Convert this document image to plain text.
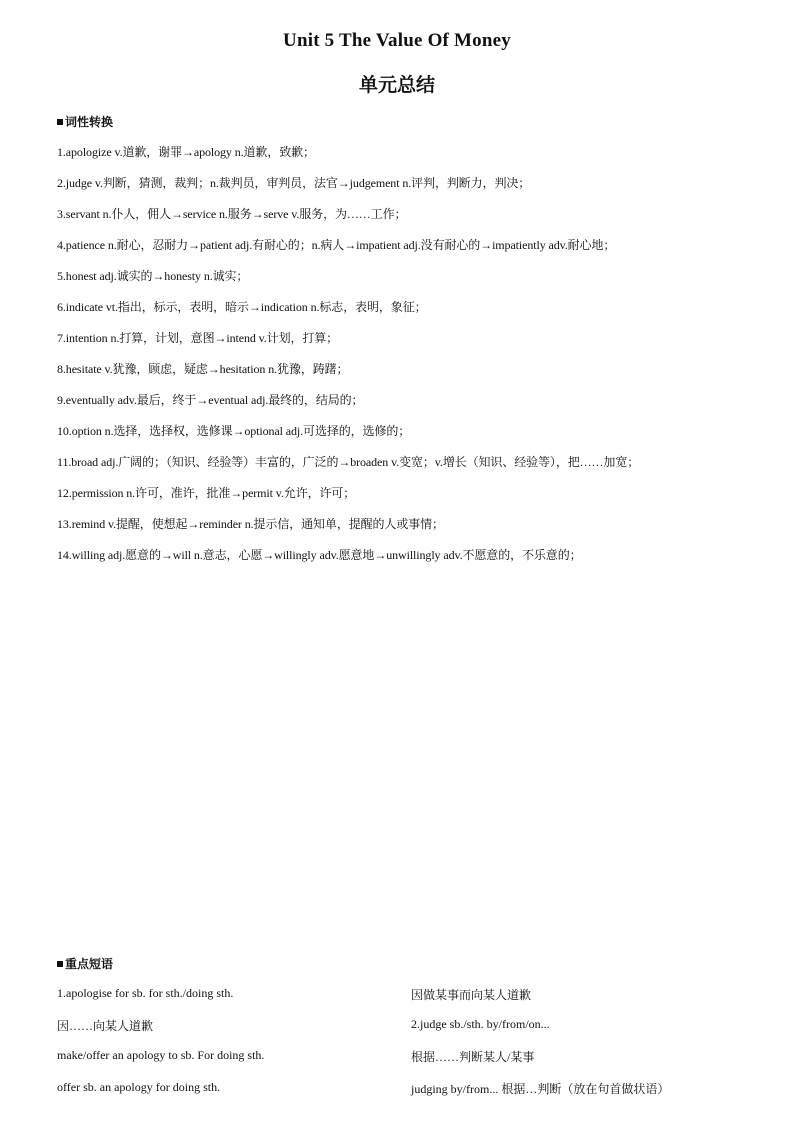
Unit 5 The Value Of Money
单元总结
词性转换
1.apologize v.道歉，谢罪→apology n.道歉，致歉；
2.judge v.判断，猜测，裁判；n.裁判员，审判员，法官→judgement n.评判，判断力，判决；
3.servant n.仆人，佣人→service n.服务→serve v.服务，为……工作；
4.patience n.耐心，忍耐力→patient adj.有耐心的；n.病人→impatient adj.没有耐心的→impatiently adv.耐心地；
5.honest adj.诚实的→honesty n.诚实；
6.indicate vt.指出，标示，表明，暗示→indication n.标志，表明，象征；
7.intention n.打算，计划，意图→intend v.计划，打算；
8.hesitate v.犹豫，顾虑，疑虑→hesitation n.犹豫，踌躇；
9.eventually adv.最后，终于→eventual adj.最终的，结局的；
10.option n.选择，选择权，选修课→optional adj.可选择的，选修的；
11.broad adj.广阔的；（知识、经验等）丰富的，广泛的→broaden v.变宽；v.增长（知识、经验等），把……加宽；
12.permission n.许可，准许，批准→permit v.允许，许可；
13.remind v.提醒，使想起→reminder n.提示信，通知单，提醒的人或事情；
14.willing adj.愿意的→will n.意志，心愿→willingly adv.愿意地→unwillingly adv.不愿意的，不乐意的；
重点短语
1.apologise for sb. for sth./doing sth.	因做某事而向某人道歉
因……向某人道歉	2.judge sb./sth. by/from/on...
make/offer an apology to sb. For doing sth.	根据……判断某人/某事
offer sb. an apology for doing sth.	judging by/from... 根据…判断（放在句首做状语）
